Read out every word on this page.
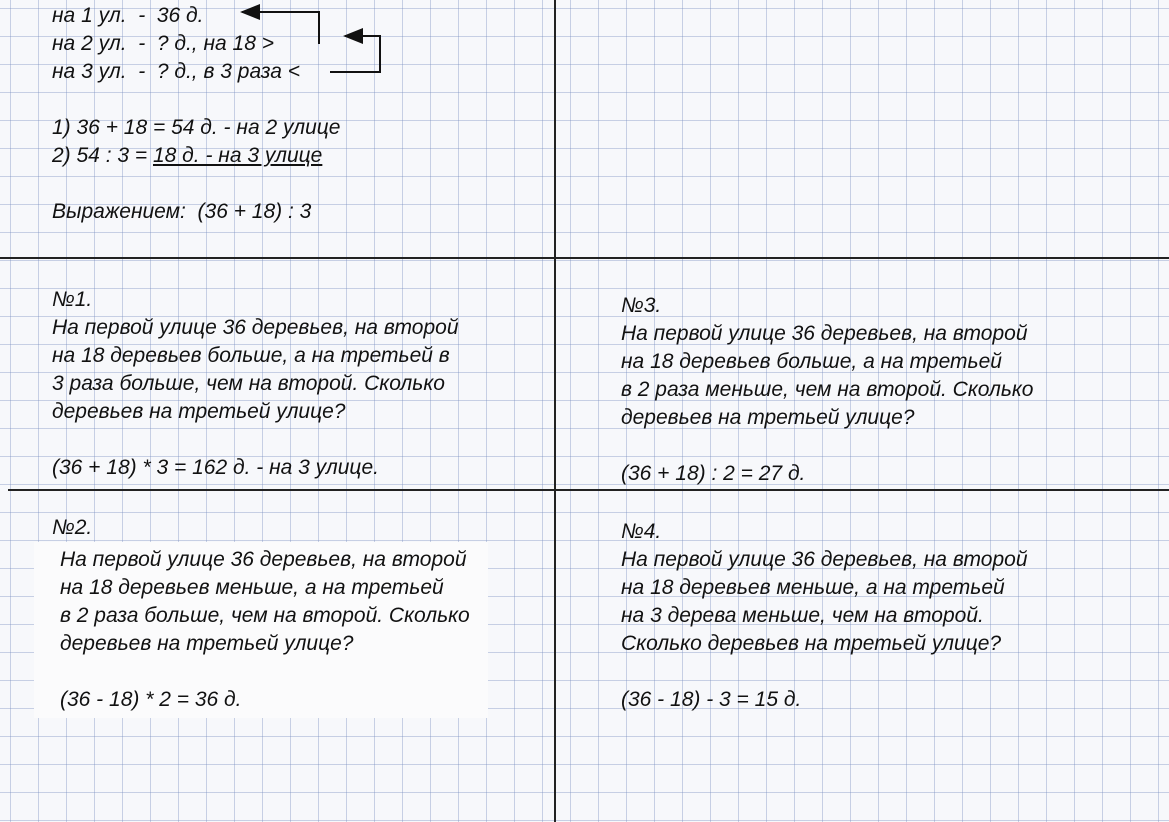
на 1 ул.  -  36 д.
на 2 ул.  -  ? д., на 18 >
на 3 ул.  -  ? д., в 3 раза <
1) 36 + 18 = 54 д. - на 2 улице
2) 54 : 3 = 18 д. - на 3 улице
Выражением:  (36 + 18) : 3
№1.
На первой улице 36 деревьев, на второй
на 18 деревьев больше, а на третьей в
3 раза больше, чем на второй. Сколько
деревьев на третьей улице?

(36 + 18) * 3 = 162 д. - на 3 улице.
№2.
На первой улице 36 деревьев, на второй
на 18 деревьев меньше, а на третьей
в 2 раза больше, чем на второй. Сколько
деревьев на третьей улице?

(36 - 18) * 2 = 36 д.
№3.
На первой улице 36 деревьев, на второй
на 18 деревьев больше, а на третьей
в 2 раза меньше, чем на второй. Сколько
деревьев на третьей улице?

(36 + 18) : 2 = 27 д.
№4.
На первой улице 36 деревьев, на второй
на 18 деревьев меньше, а на третьей
на 3 дерева меньше, чем на второй.
Сколько деревьев на третьей улице?

(36 - 18) - 3 = 15 д.
